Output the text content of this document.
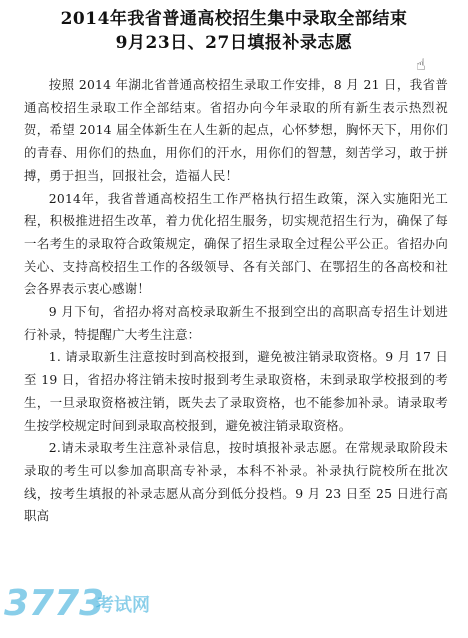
2014年我省普通高校招生集中录取全部结束
9月23日、27日填报补录志愿
☝

按照 2014 年湖北省普通高校招生录取工作安排，8 月 21 日，我省普通高校招生录取工作全部结束。省招办向今年录取的所有新生表示热烈祝贺，希望 2014 届全体新生在人生新的起点，心怀梦想，胸怀天下，用你们的青春、用你们的热血，用你们的汗水，用你们的智慧，刻苦学习，敢于拼搏，勇于担当，回报社会，造福人民！

2014年，我省普通高校招生工作严格执行招生政策，深入实施阳光工程，积极推进招生改革，着力优化招生服务，切实规范招生行为，确保了每一名考生的录取符合政策规定，确保了招生录取全过程公平公正。省招办向关心、支持高校招生工作的各级领导、各有关部门、在鄂招生的各高校和社会各界表示衷心感谢！

9 月下旬，省招办将对高校录取新生不报到空出的高职高专招生计划进行补录，特提醒广大考生注意：

1. 请录取新生注意按时到高校报到，避免被注销录取资格。9 月 17 日至 19 日，省招办将注销未按时报到考生录取资格，未到录取学校报到的考生，一旦录取资格被注销，既失去了录取资格，也不能参加补录。请录取考生按学校规定时间到录取高校报到，避免被注销录取资格。

2.请未录取考生注意补录信息，按时填报补录志愿。在常规录取阶段未录取的考生可以参加高职高专补录，本科不补录。补录执行院校所在批次线，按考生填报的补录志愿从高分到低分投档。9 月 23 日至 25 日进行高职高

3773
考试网
